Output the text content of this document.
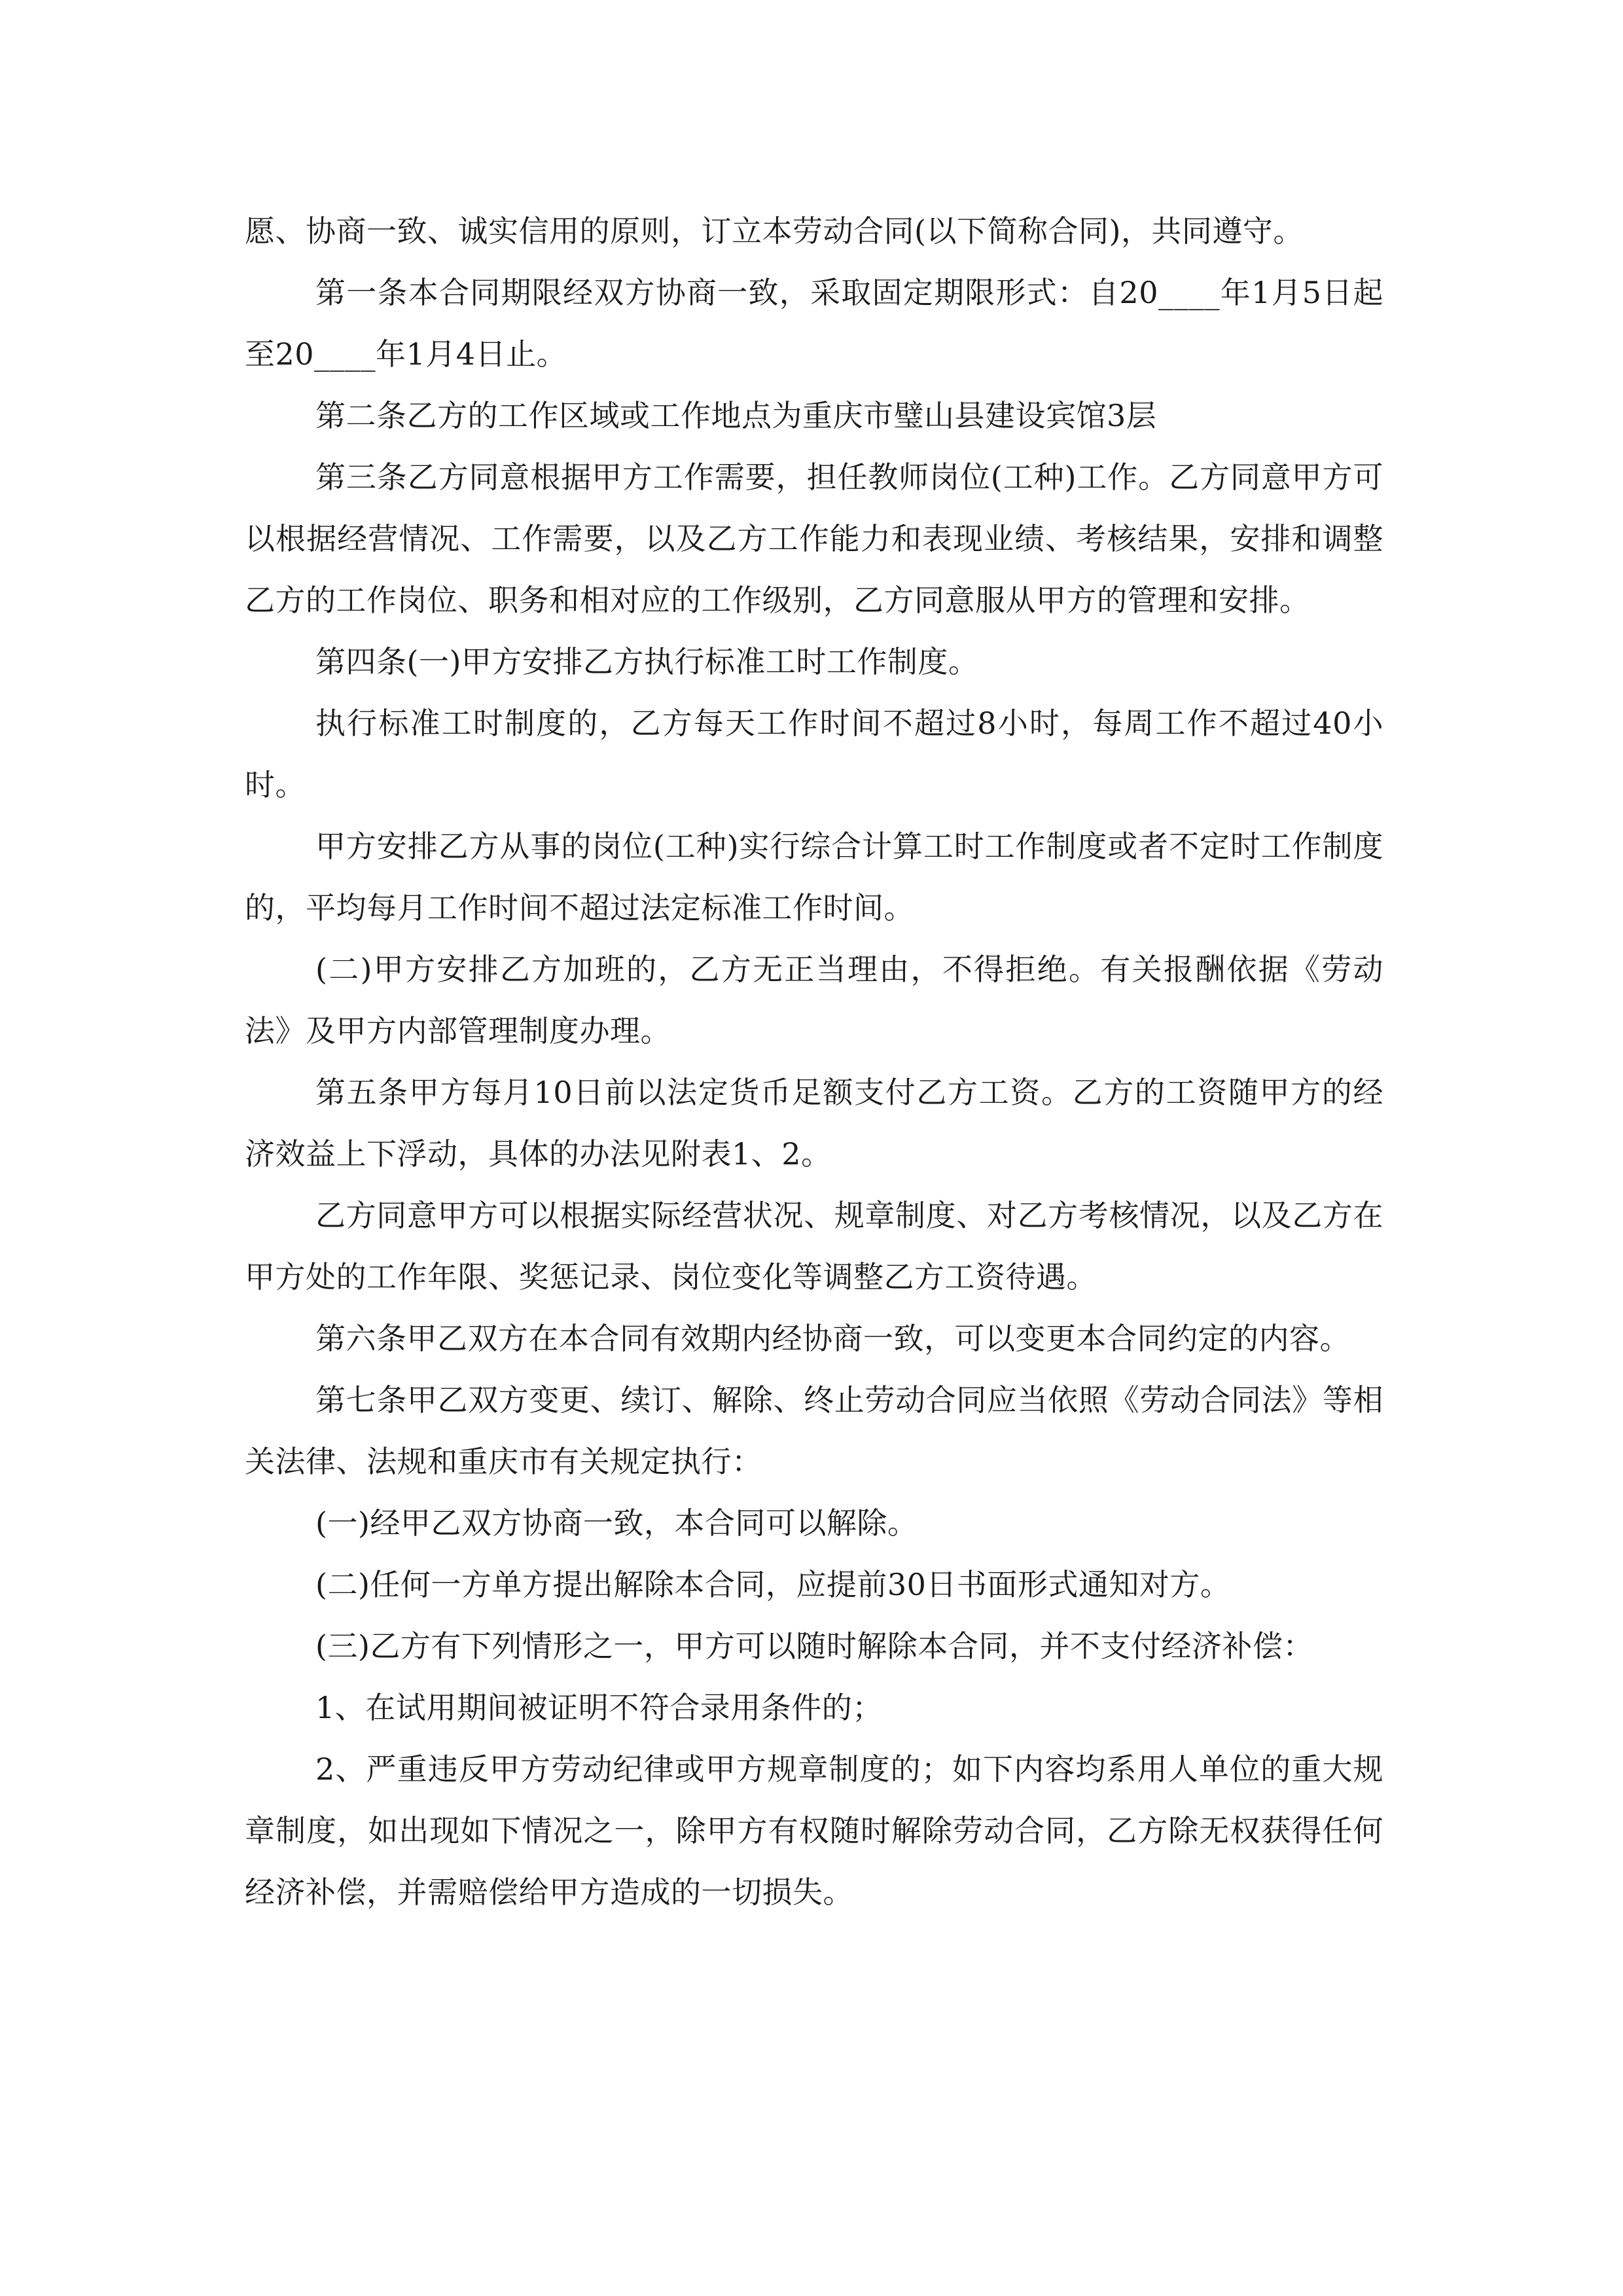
愿、协商一致、诚实信用的原则，订立本劳动合同(以下简称合同)，共同遵守。

第一条本合同期限经双方协商一致，采取固定期限形式：自20____年1月5日起至20____年1月4日止。

第二条乙方的工作区域或工作地点为重庆市璧山县建设宾馆3层

第三条乙方同意根据甲方工作需要，担任教师岗位(工种)工作。乙方同意甲方可以根据经营情况、工作需要，以及乙方工作能力和表现业绩、考核结果，安排和调整乙方的工作岗位、职务和相对应的工作级别，乙方同意服从甲方的管理和安排。

第四条(一)甲方安排乙方执行标准工时工作制度。

执行标准工时制度的，乙方每天工作时间不超过8小时，每周工作不超过40小时。

甲方安排乙方从事的岗位(工种)实行综合计算工时工作制度或者不定时工作制度的，平均每月工作时间不超过法定标准工作时间。

(二)甲方安排乙方加班的，乙方无正当理由，不得拒绝。有关报酬依据《劳动法》及甲方内部管理制度办理。

第五条甲方每月10日前以法定货币足额支付乙方工资。乙方的工资随甲方的经济效益上下浮动，具体的办法见附表1、2。

乙方同意甲方可以根据实际经营状况、规章制度、对乙方考核情况，以及乙方在甲方处的工作年限、奖惩记录、岗位变化等调整乙方工资待遇。

第六条甲乙双方在本合同有效期内经协商一致，可以变更本合同约定的内容。

第七条甲乙双方变更、续订、解除、终止劳动合同应当依照《劳动合同法》等相关法律、法规和重庆市有关规定执行：

(一)经甲乙双方协商一致，本合同可以解除。

(二)任何一方单方提出解除本合同，应提前30日书面形式通知对方。

(三)乙方有下列情形之一，甲方可以随时解除本合同，并不支付经济补偿：

1、在试用期间被证明不符合录用条件的；

2、严重违反甲方劳动纪律或甲方规章制度的；如下内容均系用人单位的重大规章制度，如出现如下情况之一，除甲方有权随时解除劳动合同，乙方除无权获得任何经济补偿，并需赔偿给甲方造成的一切损失。
